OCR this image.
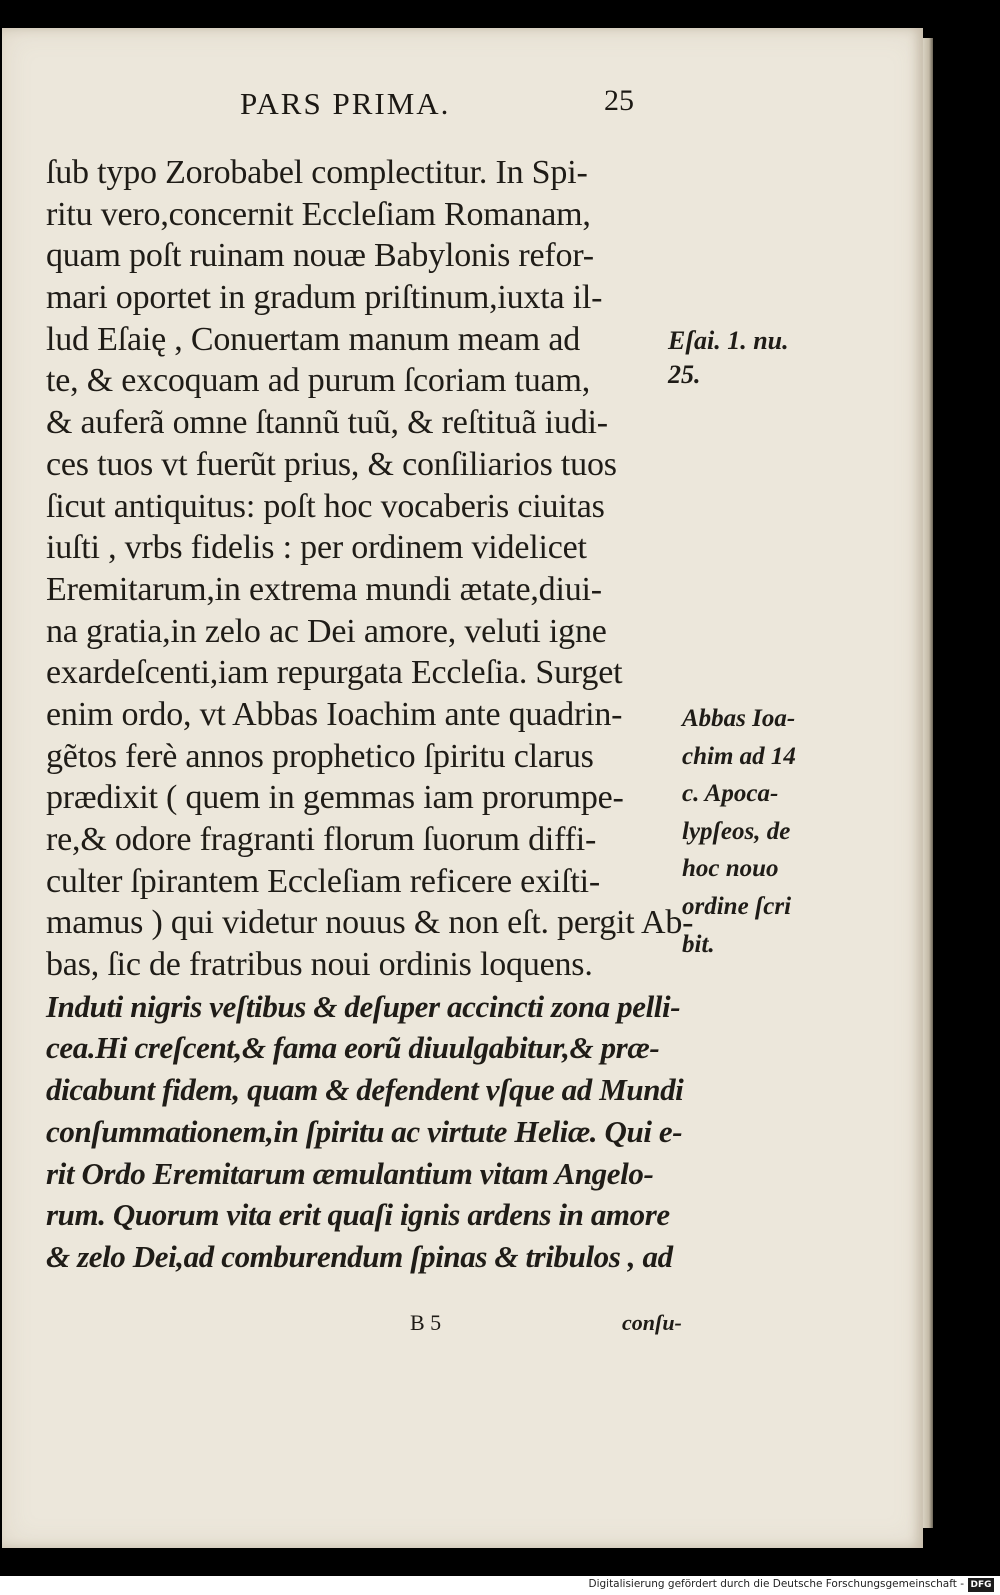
PARS PRIMA.	25
ſub typo Zorobabel complectitur. In Spi-
ritu vero,concernit Eccleſiam Romanam,
quam poſt ruinam nouæ Babylonis refor-
mari oportet in gradum priſtinum,iuxta il-
lud Eſaię , Conuertam manum meam ad
te, & excoquam ad purum ſcoriam tuam,
& auferã omne ſtannũ tuũ, & reſtituã iudi-
ces tuos vt fuerũt prius, & conſiliarios tuos
ſicut antiquitus: poſt hoc vocaberis ciuitas
iuſti , vrbs fidelis : per ordinem videlicet
Eremitarum,in extrema mundi ætate,diui-
na gratia,in zelo ac Dei amore, veluti igne
exardeſcenti,iam repurgata Eccleſia. Surget
enim ordo, vt Abbas Ioachim ante quadrin-
gẽtos ferè annos prophetico ſpiritu clarus
prædixit ( quem in gemmas iam prorumpe-
re,& odore fragranti florum ſuorum diffi-
culter ſpirantem Eccleſiam reficere exiſti-
mamus ) qui videtur nouus & non eſt. pergit Ab-
bas, ſic de fratribus noui ordinis loquens.
Induti nigris veſtibus & deſuper accincti zona pelli-
cea.Hi creſcent,& fama eorũ diuulgabitur,& præ-
dicabunt fidem, quam & defendent vſque ad Mundi
conſummationem,in ſpiritu ac virtute Heliæ. Qui e-
rit Ordo Eremitarum æmulantium vitam Angelo-
rum. Quorum vita erit quaſi ignis ardens in amore
& zelo Dei,ad comburendum ſpinas & tribulos , ad
Eſai. 1. nu.
25.
Abbas Ioa-
chim ad 14
c. Apoca-
lypſeos, de
hoc nouo
ordine ſcri
bit.
B 5	conſu-
Digitalisierung gefördert durch die Deutsche Forschungsgemeinschaft - DFG
